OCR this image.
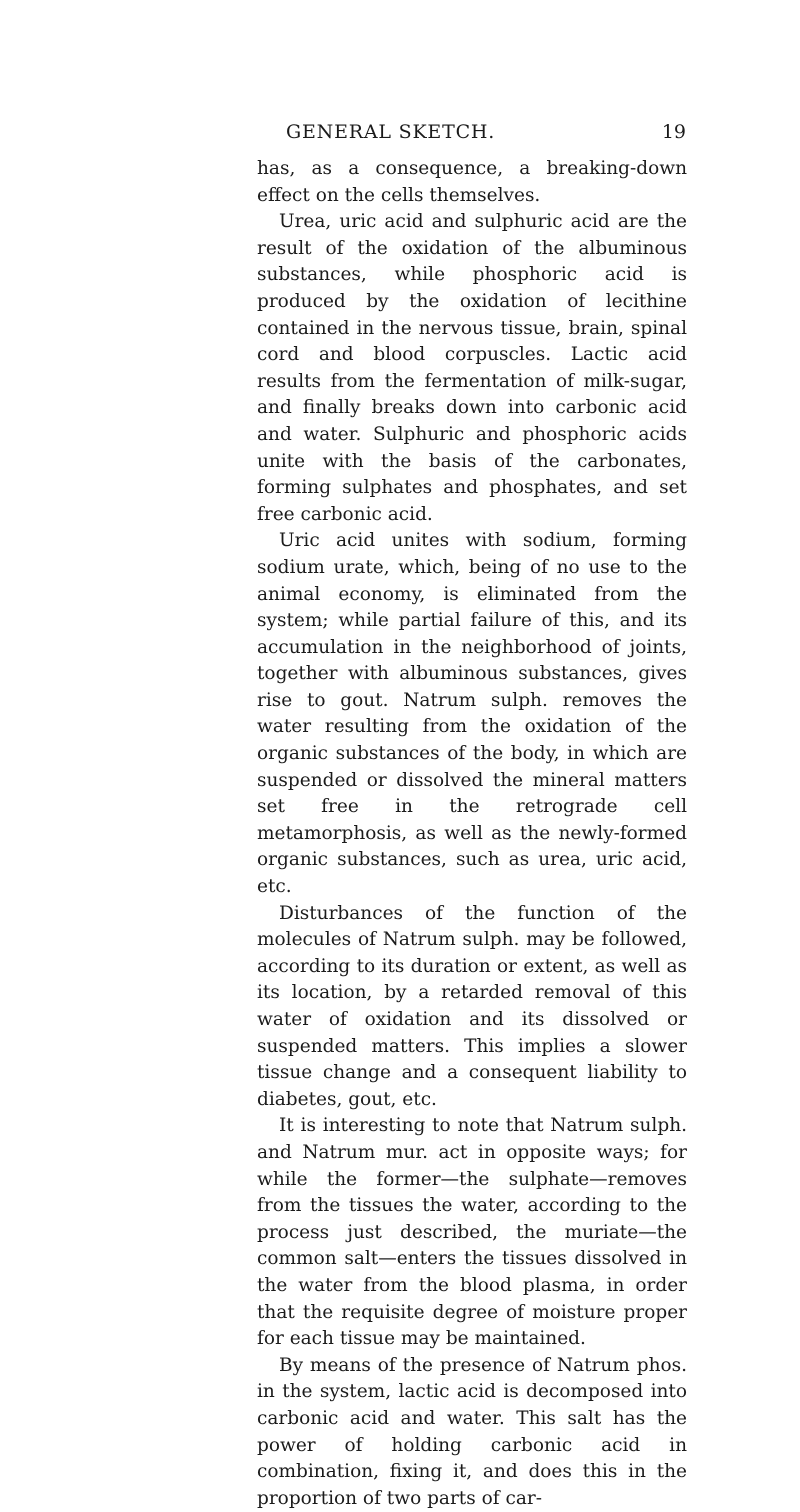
GENERAL SKETCH.	19

has, as a consequence, a breaking-down effect on the cells themselves.

Urea, uric acid and sulphuric acid are the result of the oxidation of the albuminous substances, while phosphoric acid is produced by the oxidation of lecithine contained in the nervous tissue, brain, spinal cord and blood corpuscles. Lactic acid results from the fermentation of milk-sugar, and finally breaks down into carbonic acid and water. Sulphuric and phosphoric acids unite with the basis of the carbonates, forming sulphates and phosphates, and set free carbonic acid.

Uric acid unites with sodium, forming sodium urate, which, being of no use to the animal economy, is eliminated from the system; while partial failure of this, and its accumulation in the neighborhood of joints, together with albuminous substances, gives rise to gout. Natrum sulph. removes the water resulting from the oxidation of the organic substances of the body, in which are suspended or dissolved the mineral matters set free in the retrograde cell metamorphosis, as well as the newly-formed organic substances, such as urea, uric acid, etc.

Disturbances of the function of the molecules of Natrum sulph. may be followed, according to its duration or extent, as well as its location, by a retarded removal of this water of oxidation and its dissolved or suspended matters. This implies a slower tissue change and a consequent liability to diabetes, gout, etc.

It is interesting to note that Natrum sulph. and Natrum mur. act in opposite ways; for while the former—the sulphate—removes from the tissues the water, according to the process just described, the muriate—the common salt—enters the tissues dissolved in the water from the blood plasma, in order that the requisite degree of moisture proper for each tissue may be maintained.

By means of the presence of Natrum phos. in the system, lactic acid is decomposed into carbonic acid and water. This salt has the power of holding carbonic acid in combination, fixing it, and does this in the proportion of two parts of car-
